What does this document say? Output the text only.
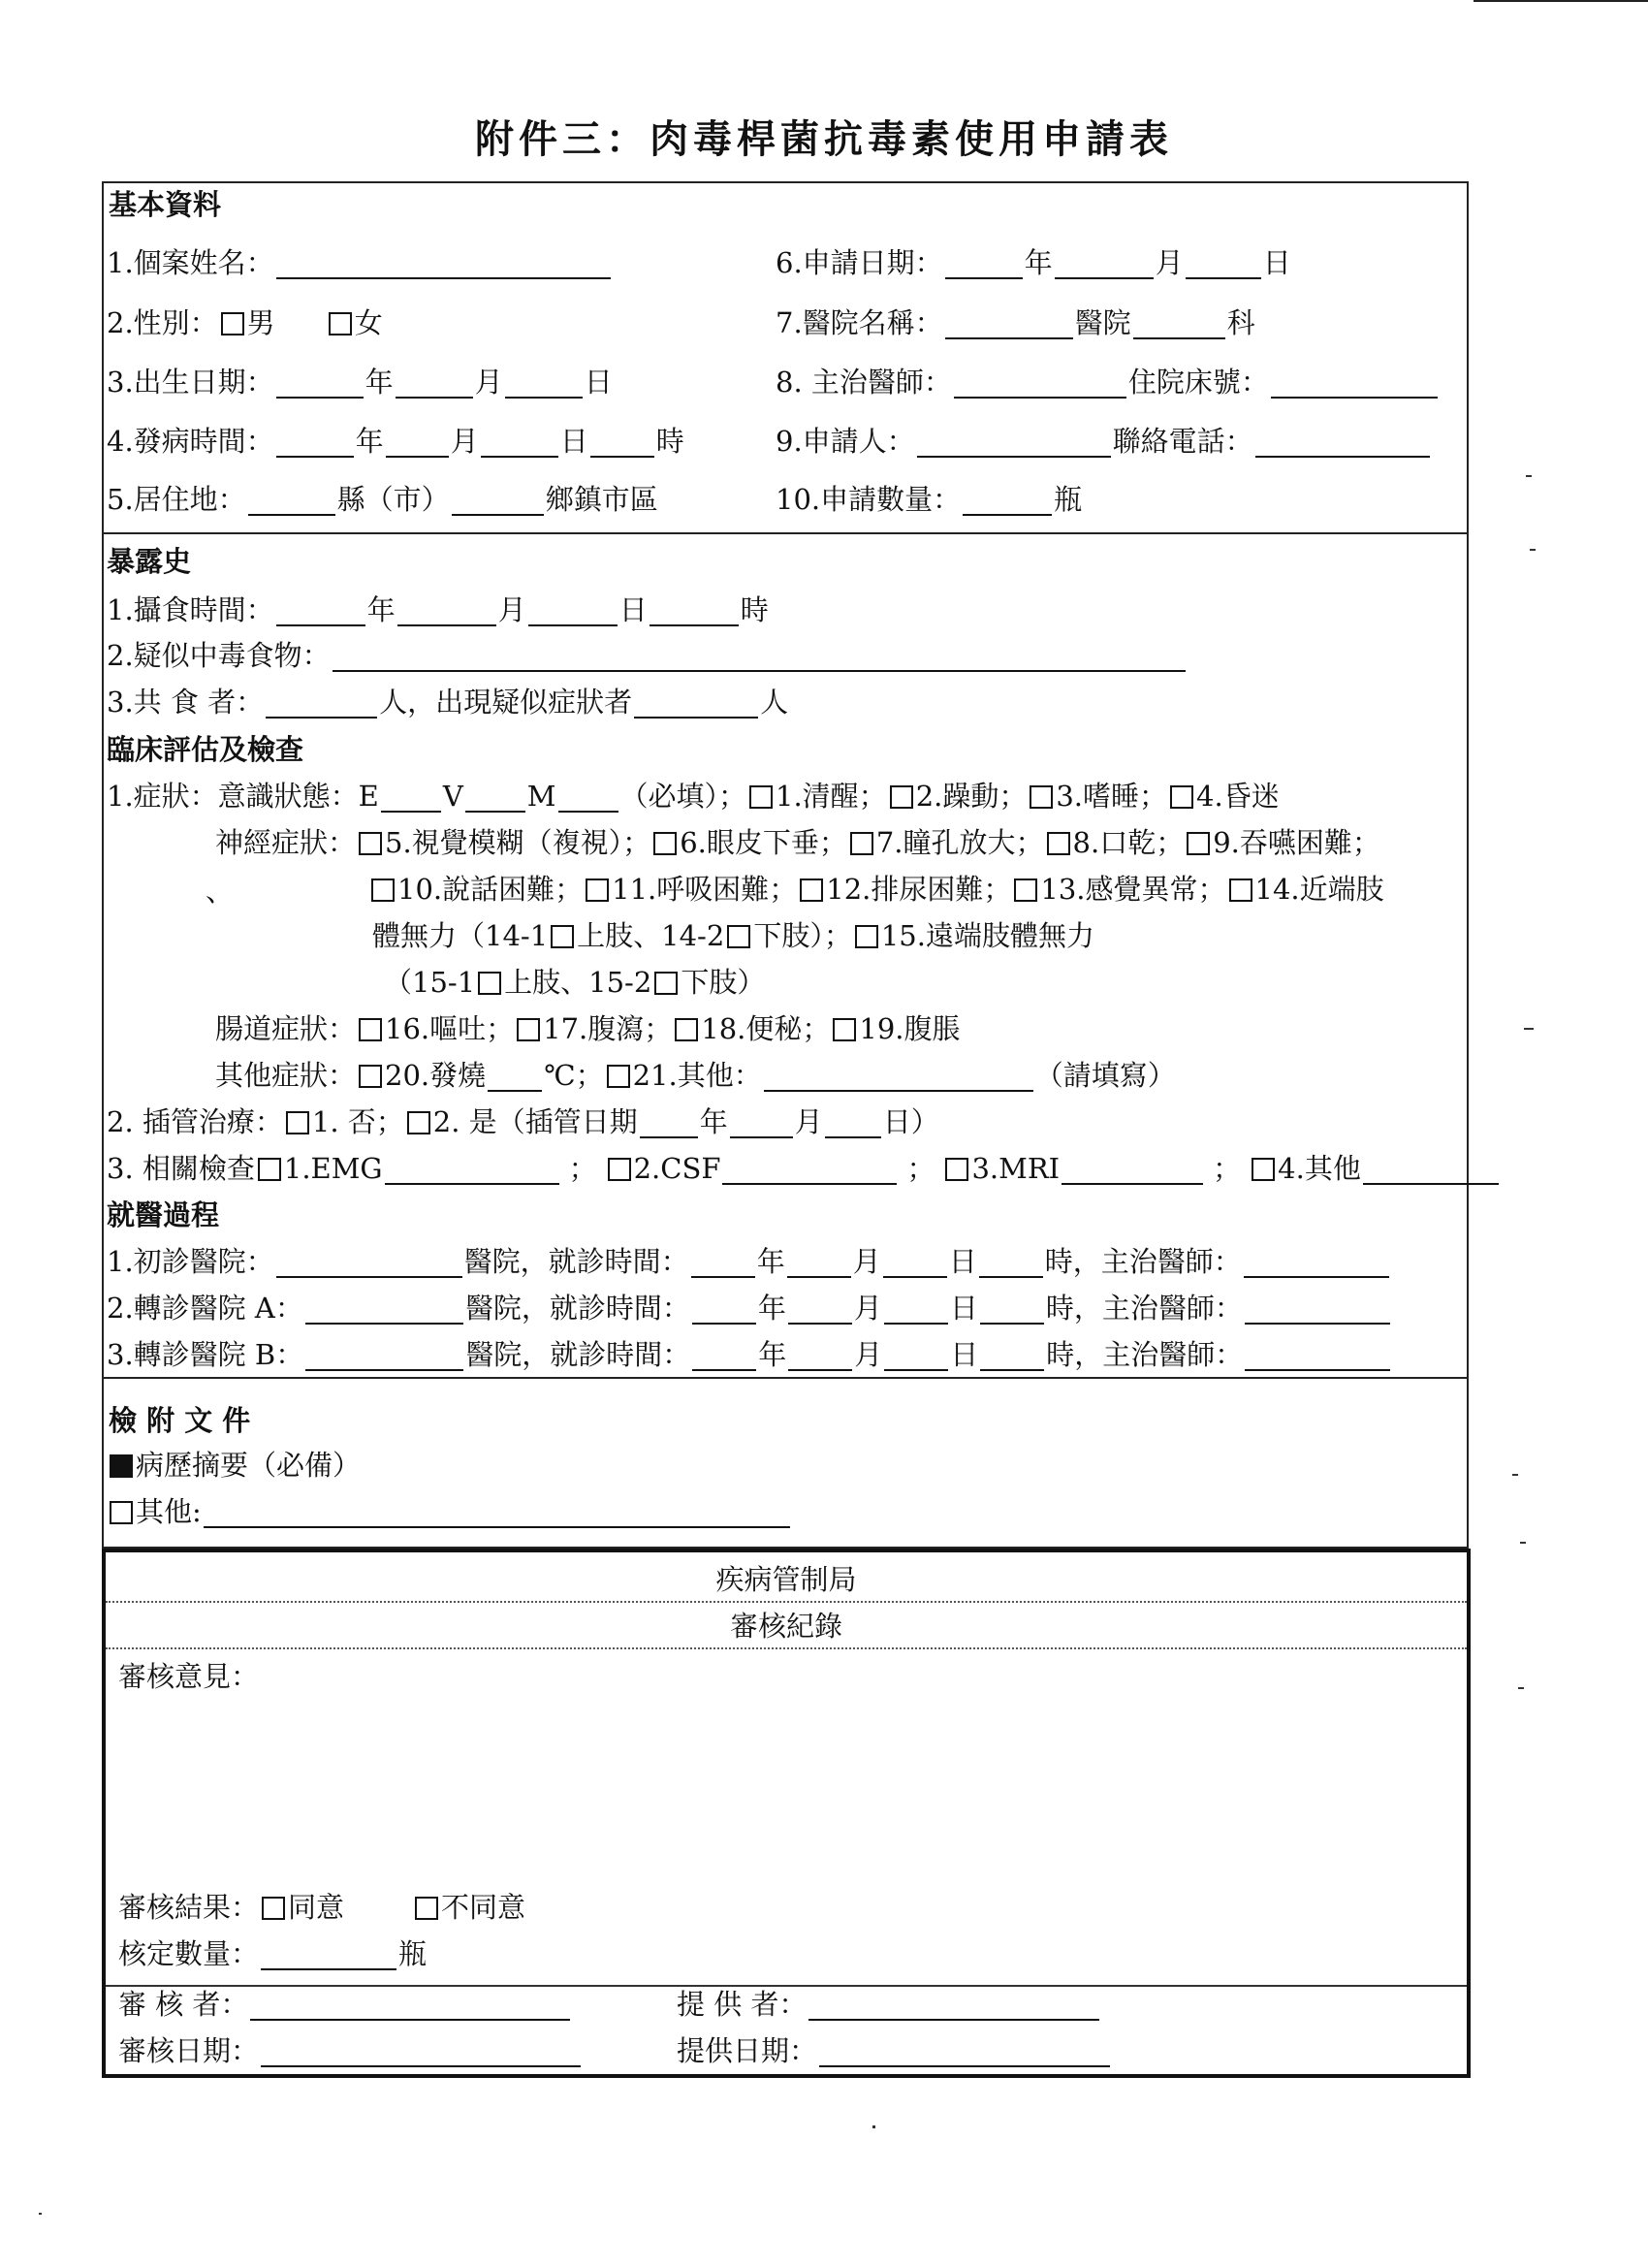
附件三：肉毒桿菌抗毒素使用申請表
基本資料
1.個案姓名：	6.申請日期：	年	月	日
2.性別： 男	女	7.醫院名稱：	醫院	科
3.出生日期：	年	月	日	8. 主治醫師：	住院床號：
4.發病時間：	年 月	日 時	9.申請人：	聯絡電話：
5.居住地：	縣（市）	鄉鎮市區	10.申請數量：	瓶
暴露史
1.攝食時間：	年	月	日	時
2.疑似中毒食物：
3.共 食 者：	人，出現疑似症狀者	人
臨床評估及檢查
1.症狀：意識狀態：E V M （必填）； 1.清醒； 2.躁動； 3.嗜睡； 4.昏迷
神經症狀： 5.視覺模糊（複視）； 6.眼皮下垂； 7.瞳孔放大； 8.口乾； 9.吞嚥困難；
、	10.說話困難； 11.呼吸困難； 12.排尿困難； 13.感覺異常； 14.近端肢
體無力（14-1 上肢、14-2 下肢）； 15.遠端肢體無力
（15-1 上肢、15-2 下肢）
腸道症狀： 16.嘔吐； 17.腹瀉； 18.便秘； 19.腹脹
其他症狀： 20.發燒 ℃； 21.其他：	（請填寫）
2. 插管治療： 1. 否； 2. 是（插管日期 年 月 日 ）
3. 相關檢查 1.EMG	； 2.CSF	； 3.MRI	； 4.其他
就醫過程
1.初診醫院：	醫院，就診時間： 年 月 日 時，主治醫師：
2.轉診醫院 A：	醫院，就診時間： 年 月 日 時，主治醫師：
3.轉診醫院 B：	醫院，就診時間： 年 月 日 時，主治醫師：
檢 附 文 件
病歷摘要（必備）
其他:
疾病管制局
審核紀錄
審核意見：
審核結果： 同意	不同意
核定數量：	瓶
審 核 者：	提 供 者：
審核日期：	提供日期：
